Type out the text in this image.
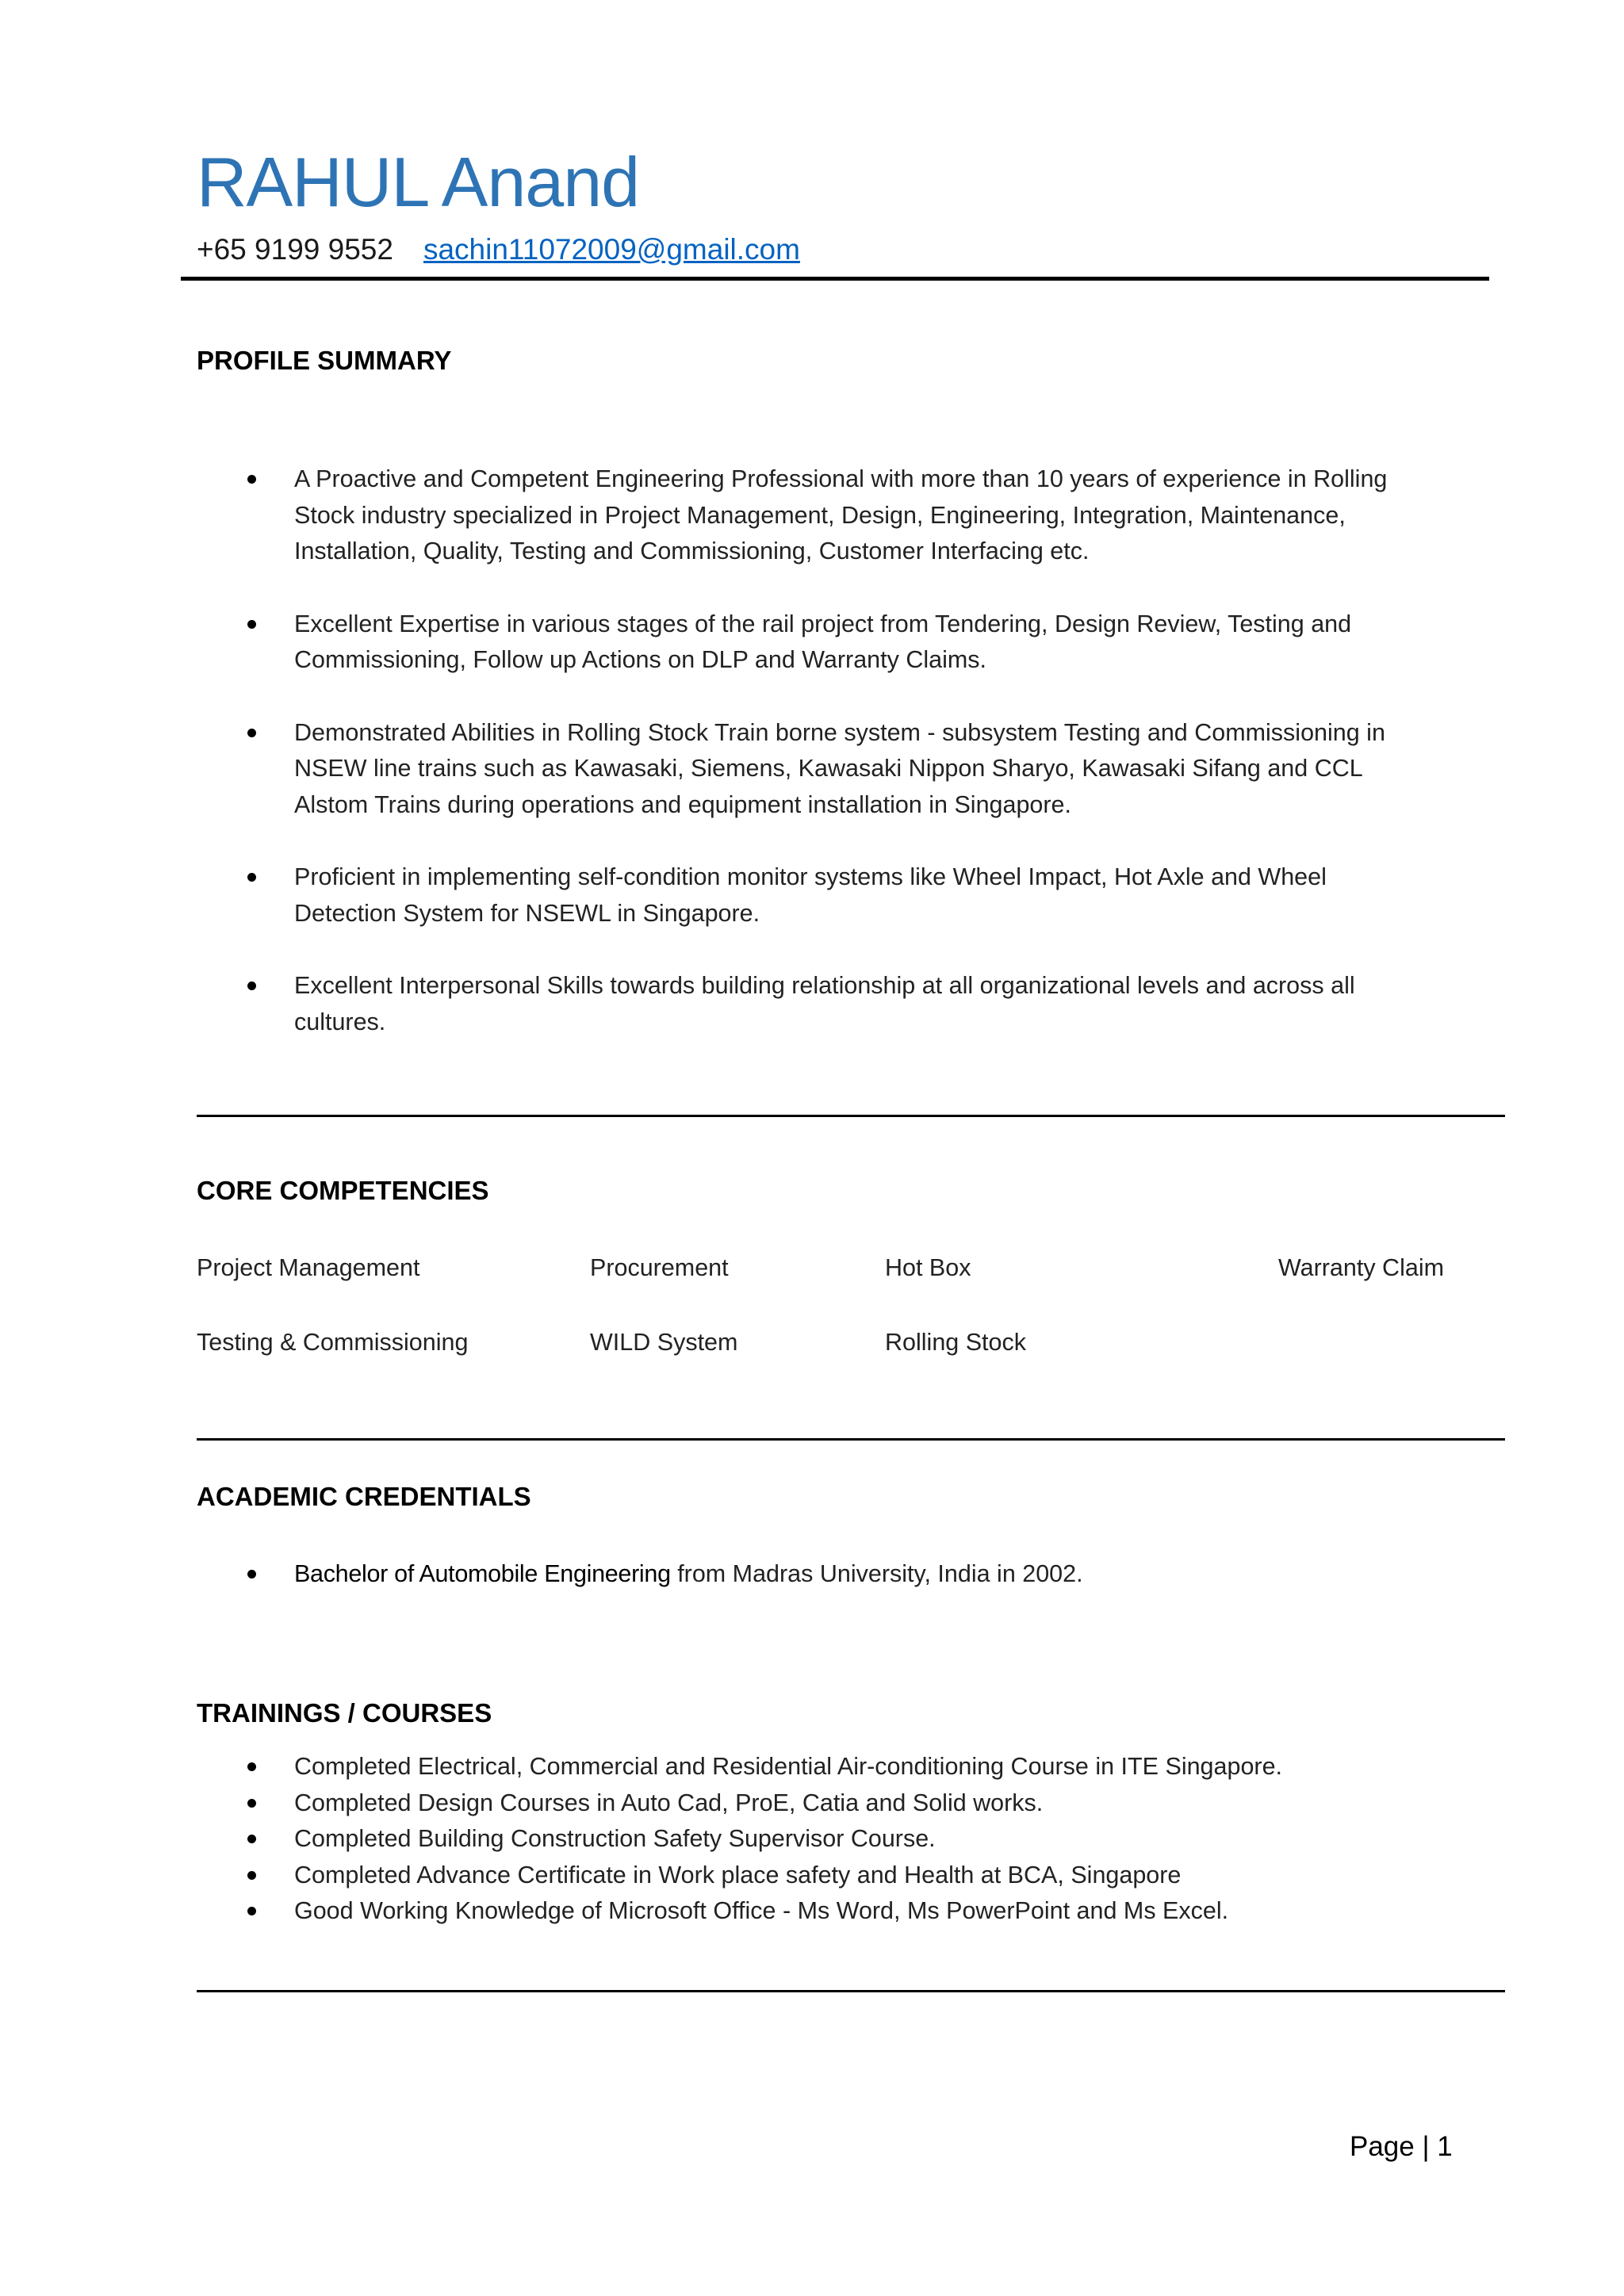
RAHUL Anand
+65 9199 9552 sachin11072009@gmail.com
PROFILE SUMMARY
A Proactive and Competent Engineering Professional with more than 10 years of experience in Rolling Stock industry specialized in Project Management, Design, Engineering, Integration, Maintenance, Installation, Quality, Testing and Commissioning, Customer Interfacing etc.
Excellent Expertise in various stages of the rail project from Tendering, Design Review, Testing and Commissioning, Follow up Actions on DLP and Warranty Claims.
Demonstrated Abilities in Rolling Stock Train borne system - subsystem Testing and Commissioning in NSEW line trains such as Kawasaki, Siemens, Kawasaki Nippon Sharyo, Kawasaki Sifang and CCL Alstom Trains during operations and equipment installation in Singapore.
Proficient in implementing self-condition monitor systems like Wheel Impact, Hot Axle and Wheel Detection System for NSEWL in Singapore.
Excellent Interpersonal Skills towards building relationship at all organizational levels and across all cultures.
CORE COMPETENCIES
Project Management	Procurement	Hot Box	Warranty Claim
Testing & Commissioning	WILD System	Rolling Stock
ACADEMIC CREDENTIALS
Bachelor of Automobile Engineering from Madras University, India in 2002.
TRAININGS / COURSES
Completed Electrical, Commercial and Residential Air-conditioning Course in ITE Singapore.
Completed Design Courses in Auto Cad, ProE, Catia and Solid works.
Completed Building Construction Safety Supervisor Course.
Completed Advance Certificate in Work place safety and Health at BCA, Singapore
Good Working Knowledge of Microsoft Office - Ms Word, Ms PowerPoint and Ms Excel.
Page | 1
